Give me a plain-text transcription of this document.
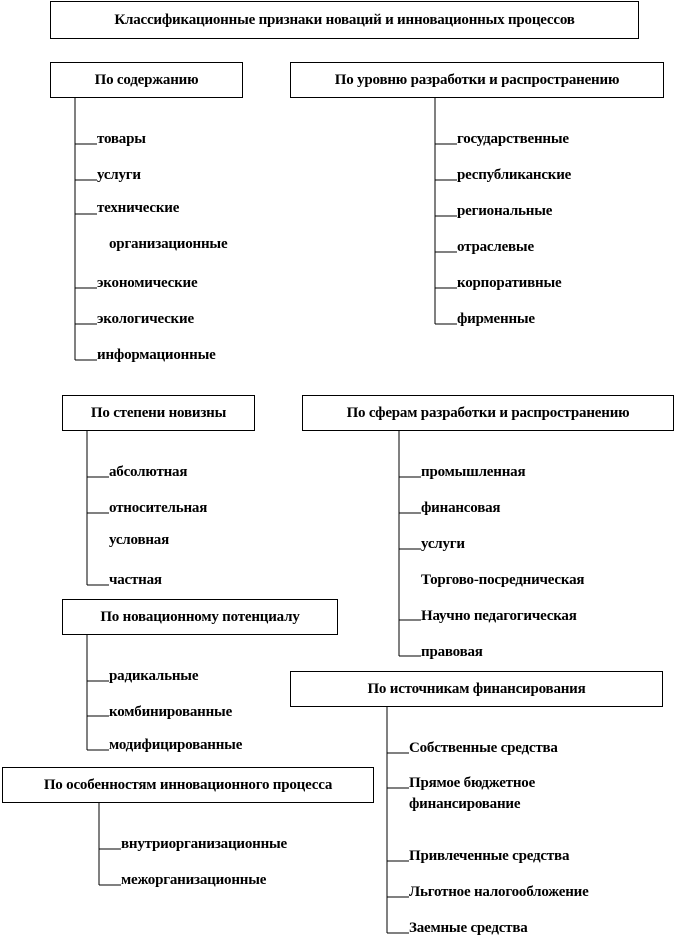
Классификационные признаки новаций и инновационных процессов
По содержанию
товары
услуги
технические
организационные
экономические
экологические
информационные
По уровню разработки и распространению
государственные
республиканские
региональные
отраслевые
корпоративные
фирменные
По степени новизны
абсолютная
относительная
условная
частная
По сферам разработки и распространению
промышленная
финансовая
услуги
Торгово-посредническая
Научно педагогическая
правовая
По новационному потенциалу
радикальные
комбинированные
модифицированные
По источникам финансирования
Собственные средства
Прямое бюджетное финансирование
Привлеченные средства
Льготное налогообложение
Заемные средства
По особенностям инновационного процесса
внутриорганизационные
межорганизационные
